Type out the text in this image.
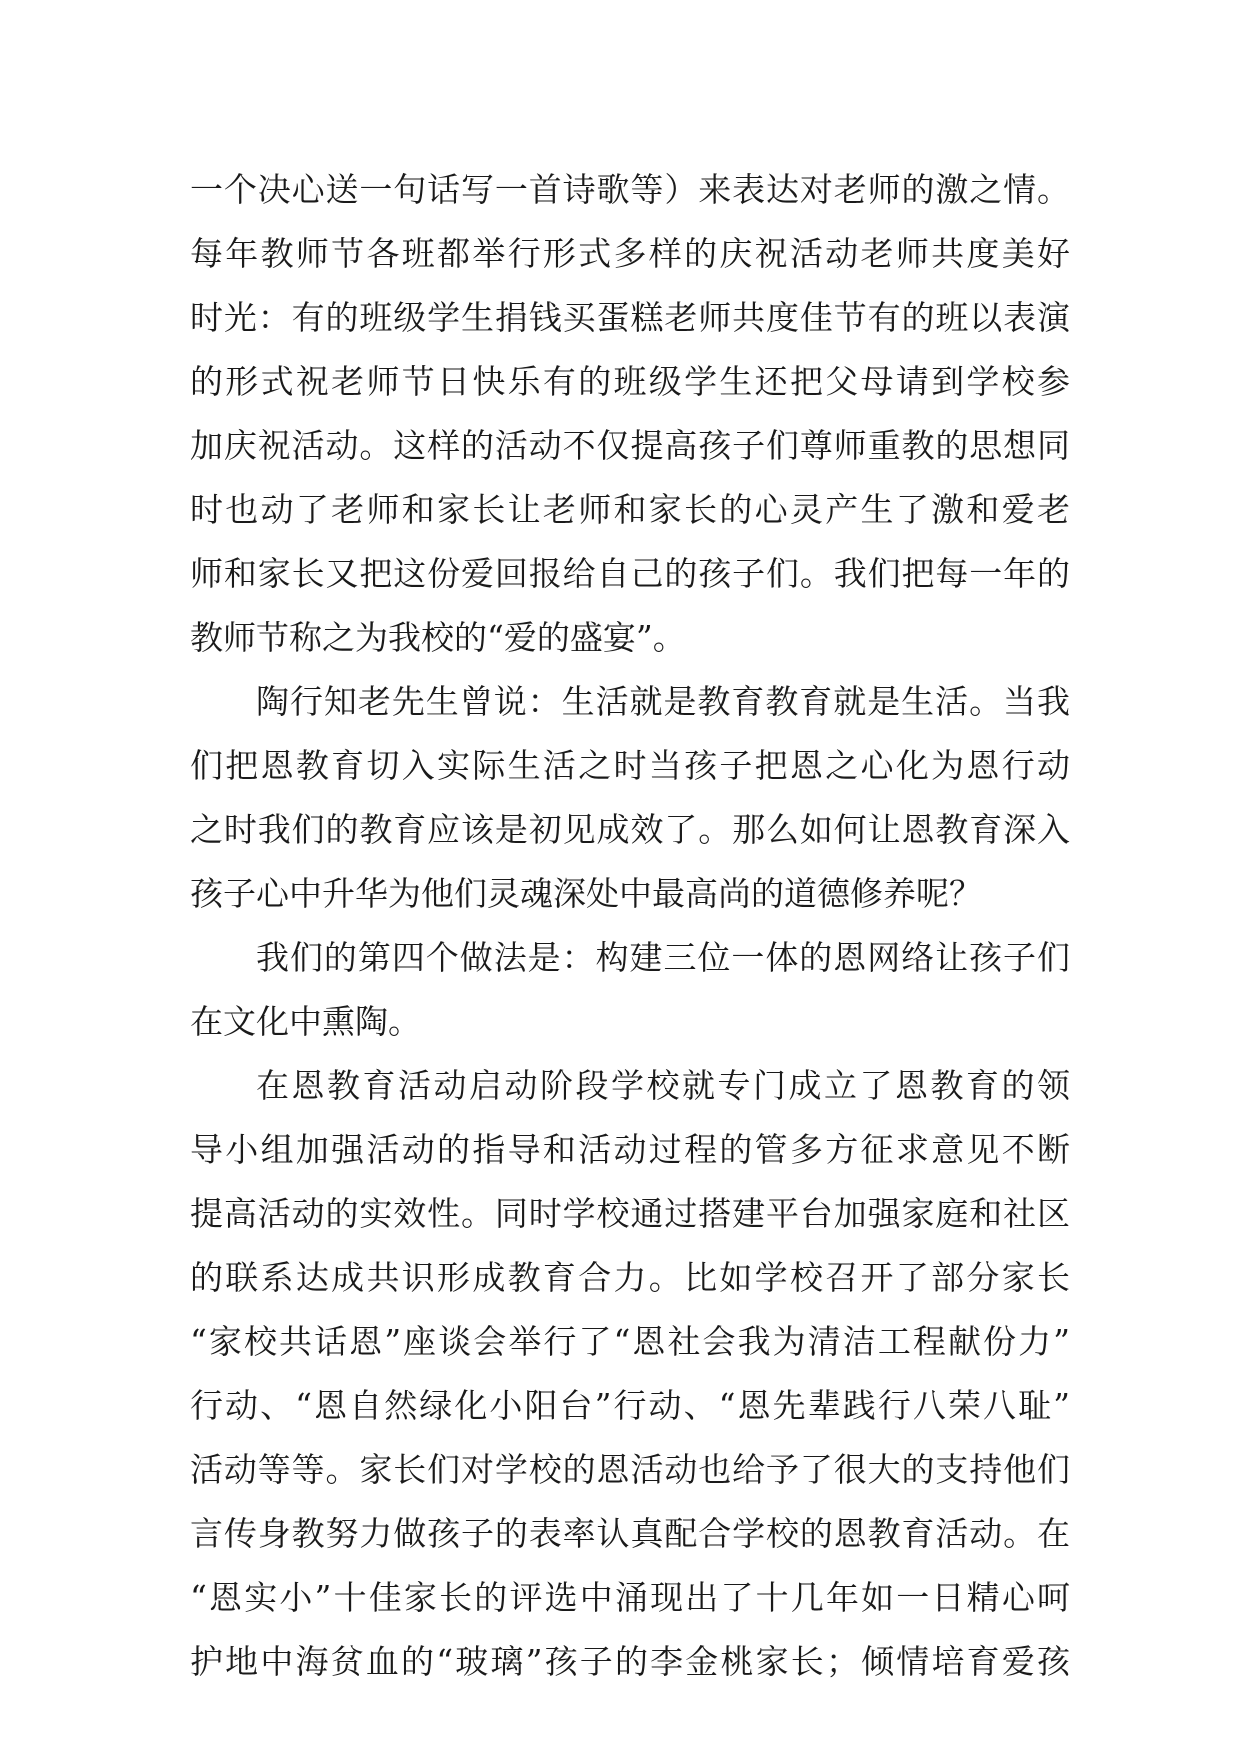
一个决心送一句话写一首诗歌等）来表达对老师的激之情。
每年教师节各班都举行形式多样的庆祝活动老师共度美好
时光：有的班级学生捐钱买蛋糕老师共度佳节有的班以表演
的形式祝老师节日快乐有的班级学生还把父母请到学校参
加庆祝活动。这样的活动不仅提高孩子们尊师重教的思想同
时也动了老师和家长让老师和家长的心灵产生了激和爱老
师和家长又把这份爱回报给自己的孩子们。我们把每一年的
教师节称之为我校的“爱的盛宴”。
陶行知老先生曾说：生活就是教育教育就是生活。当我
们把恩教育切入实际生活之时当孩子把恩之心化为恩行动
之时我们的教育应该是初见成效了。那么如何让恩教育深入
孩子心中升华为他们灵魂深处中最高尚的道德修养呢？
我们的第四个做法是：构建三位一体的恩网络让孩子们
在文化中熏陶。
在恩教育活动启动阶段学校就专门成立了恩教育的领
导小组加强活动的指导和活动过程的管多方征求意见不断
提高活动的实效性。同时学校通过搭建平台加强家庭和社区
的联系达成共识形成教育合力。比如学校召开了部分家长
“家校共话恩”座谈会举行了“恩社会我为清洁工程献份力”
行动、“恩自然绿化小阳台”行动、“恩先辈践行八荣八耻”
活动等等。家长们对学校的恩活动也给予了很大的支持他们
言传身教努力做孩子的表率认真配合学校的恩教育活动。在
“恩实小”十佳家长的评选中涌现出了十几年如一日精心呵
护地中海贫血的“玻璃”孩子的李金桃家长；倾情培育爱孩
